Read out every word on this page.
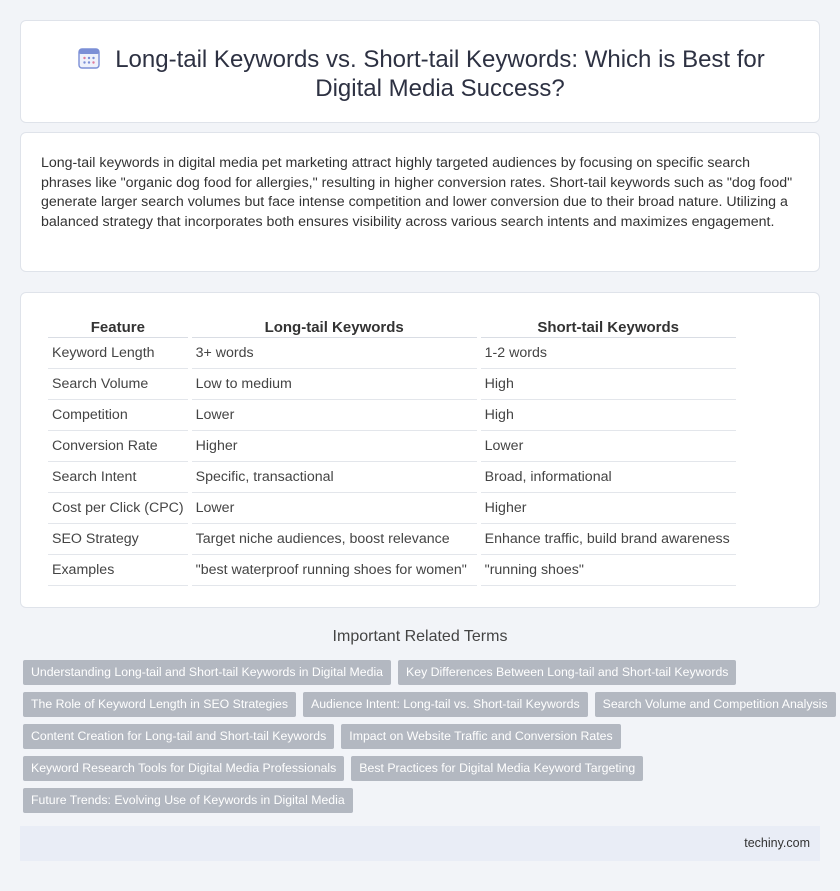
Long-tail Keywords vs. Short-tail Keywords: Which is Best for Digital Media Success?

Long-tail keywords in digital media pet marketing attract highly targeted audiences by focusing on specific search phrases like "organic dog food for allergies," resulting in higher conversion rates. Short-tail keywords such as "dog food" generate larger search volumes but face intense competition and lower conversion due to their broad nature. Utilizing a balanced strategy that incorporates both ensures visibility across various search intents and maximizes engagement.

Feature	Long-tail Keywords	Short-tail Keywords
Keyword Length	3+ words	1-2 words
Search Volume	Low to medium	High
Competition	Lower	High
Conversion Rate	Higher	Lower
Search Intent	Specific, transactional	Broad, informational
Cost per Click (CPC)	Lower	Higher
SEO Strategy	Target niche audiences, boost relevance	Enhance traffic, build brand awareness
Examples	"best waterproof running shoes for women"	"running shoes"
Important Related Terms
Understanding Long-tail and Short-tail Keywords in Digital Media	Key Differences Between Long-tail and Short-tail Keywords
The Role of Keyword Length in SEO Strategies	Audience Intent: Long-tail vs. Short-tail Keywords	Search Volume and Competition Analysis
Content Creation for Long-tail and Short-tail Keywords	Impact on Website Traffic and Conversion Rates
Keyword Research Tools for Digital Media Professionals	Best Practices for Digital Media Keyword Targeting
Future Trends: Evolving Use of Keywords in Digital Media
techiny.com
